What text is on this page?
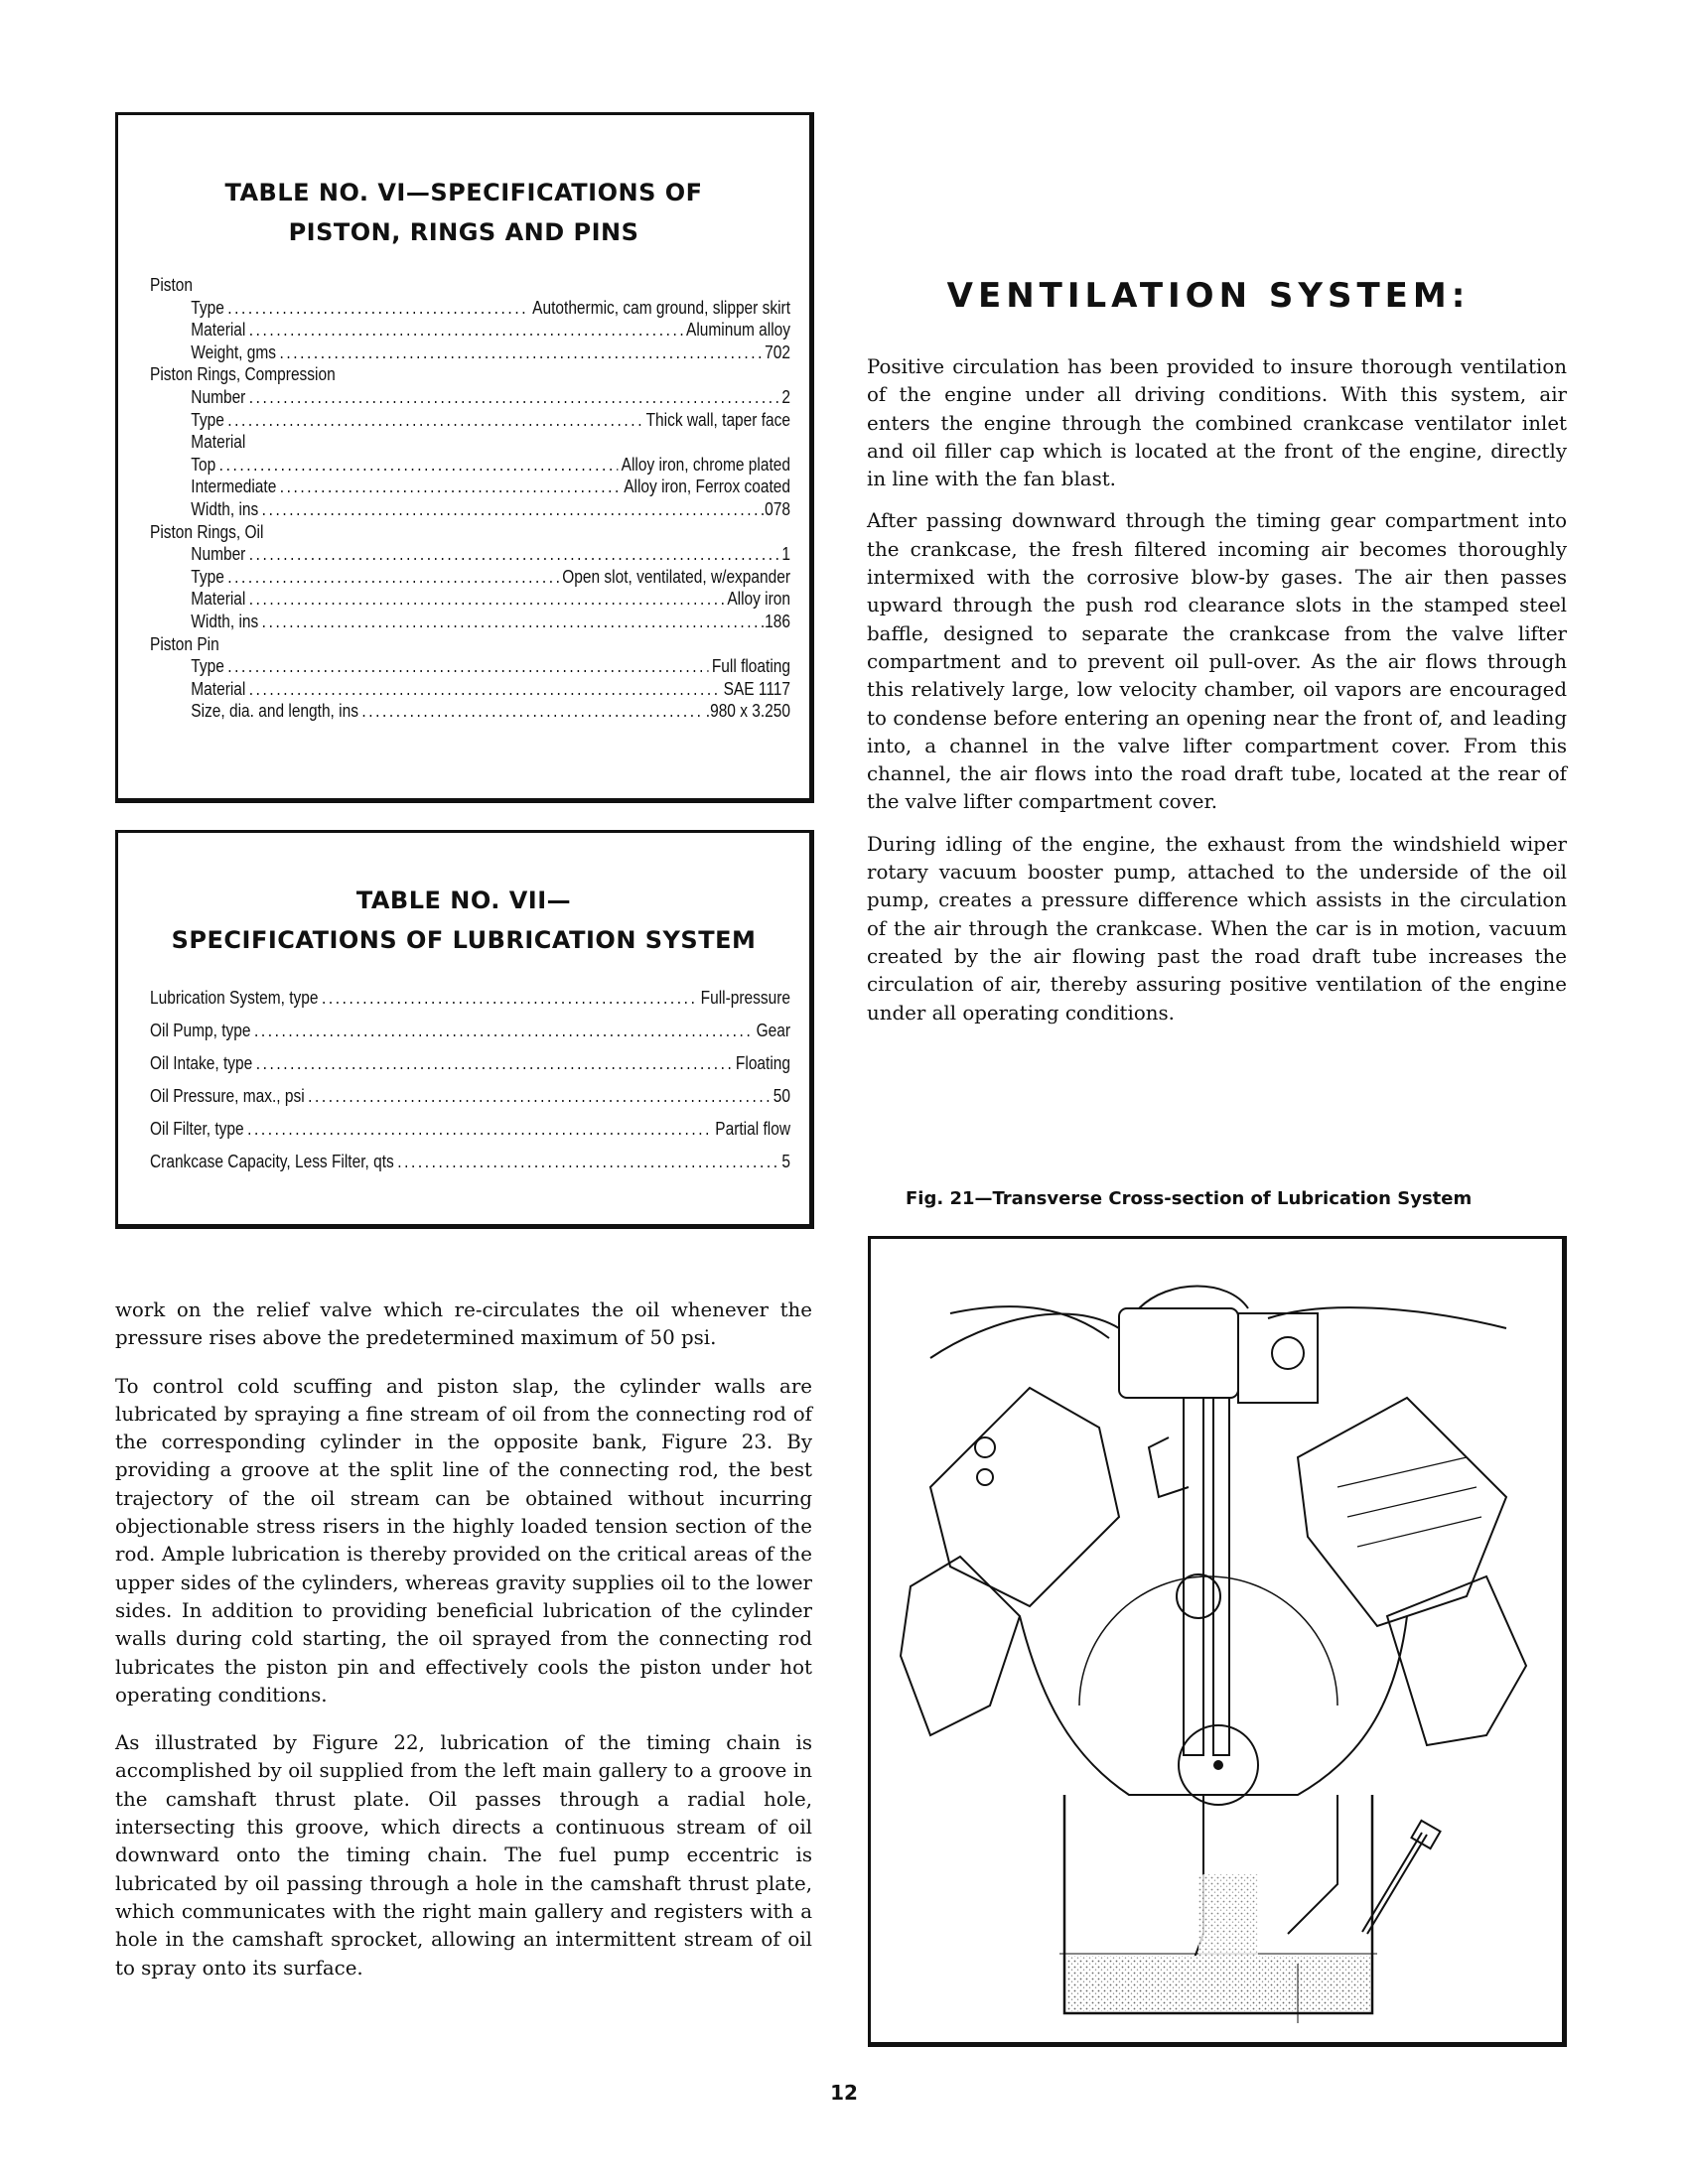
TABLE NO. VI—SPECIFICATIONS OF

PISTON, RINGS AND PINS

Piston
Type . . .	Autothermic, cam ground, slipper skirt
Material . . .	Aluminum alloy
Weight, gms . . .	702
Piston Rings, Compression
Number . . .	2
Type . . .	Thick wall, taper face
Material
Top . . .	Alloy iron, chrome plated
Intermediate . . .	Alloy iron, Ferrox coated
Width, ins . . .	.078
Piston Rings, Oil
Number . . .	1
Type . . .	Open slot, ventilated, w/expander
Material . . .	Alloy iron
Width, ins . . .	.186
Piston Pin
Type . . .	Full floating
Material . . .	SAE 1117
Size, dia. and length, ins . . .	.980 x 3.250

TABLE NO. VII—

SPECIFICATIONS OF LUBRICATION SYSTEM

Lubrication System, type . . .	Full-pressure
Oil Pump, type . . .	Gear
Oil Intake, type . . .	Floating
Oil Pressure, max., psi . . .	50
Oil Filter, type . . .	Partial flow
Crankcase Capacity, Less Filter, qts . . .	5
VENTILATION SYSTEM:

Positive circulation has been provided to insure thorough ventilation of the engine under all driving conditions. With this system, air enters the engine through the combined crankcase ventilator inlet and oil filler cap which is located at the front of the engine, directly in line with the fan blast.

After passing downward through the timing gear compartment into the crankcase, the fresh filtered incoming air becomes thoroughly intermixed with the corrosive blow-by gases. The air then passes upward through the push rod clearance slots in the stamped steel baffle, designed to separate the crankcase from the valve lifter compartment and to prevent oil pull-over. As the air flows through this relatively large, low velocity chamber, oil vapors are encouraged to condense before entering an opening near the front of, and leading into, a channel in the valve lifter compartment cover. From this channel, the air flows into the road draft tube, located at the rear of the valve lifter compartment cover.

During idling of the engine, the exhaust from the windshield wiper rotary vacuum booster pump, attached to the underside of the oil pump, creates a pressure difference which assists in the circulation of the air through the crankcase. When the car is in motion, vacuum created by the air flowing past the road draft tube increases the circulation of air, thereby assuring positive ventilation of the engine under all operating conditions.

work on the relief valve which re-circulates the oil whenever the pressure rises above the predetermined maximum of 50 psi.

To control cold scuffing and piston slap, the cylinder walls are lubricated by spraying a fine stream of oil from the connecting rod of the corresponding cylinder in the opposite bank, Figure 23. By providing a groove at the split line of the connecting rod, the best trajectory of the oil stream can be obtained without incurring objectionable stress risers in the highly loaded tension section of the rod. Ample lubrication is thereby provided on the critical areas of the upper sides of the cylinders, whereas gravity supplies oil to the lower sides. In addition to providing beneficial lubrication of the cylinder walls during cold starting, the oil sprayed from the connecting rod lubricates the piston pin and effectively cools the piston under hot operating conditions.

As illustrated by Figure 22, lubrication of the timing chain is accomplished by oil supplied from the left main gallery to a groove in the camshaft thrust plate. Oil passes through a radial hole, intersecting this groove, which directs a continuous stream of oil downward onto the timing chain. The fuel pump eccentric is lubricated by oil passing through a hole in the camshaft thrust plate, which communicates with the right main gallery and registers with a hole in the camshaft sprocket, allowing an intermittent stream of oil to spray onto its surface.

Fig. 21—Transverse Cross-section of Lubrication System

12
